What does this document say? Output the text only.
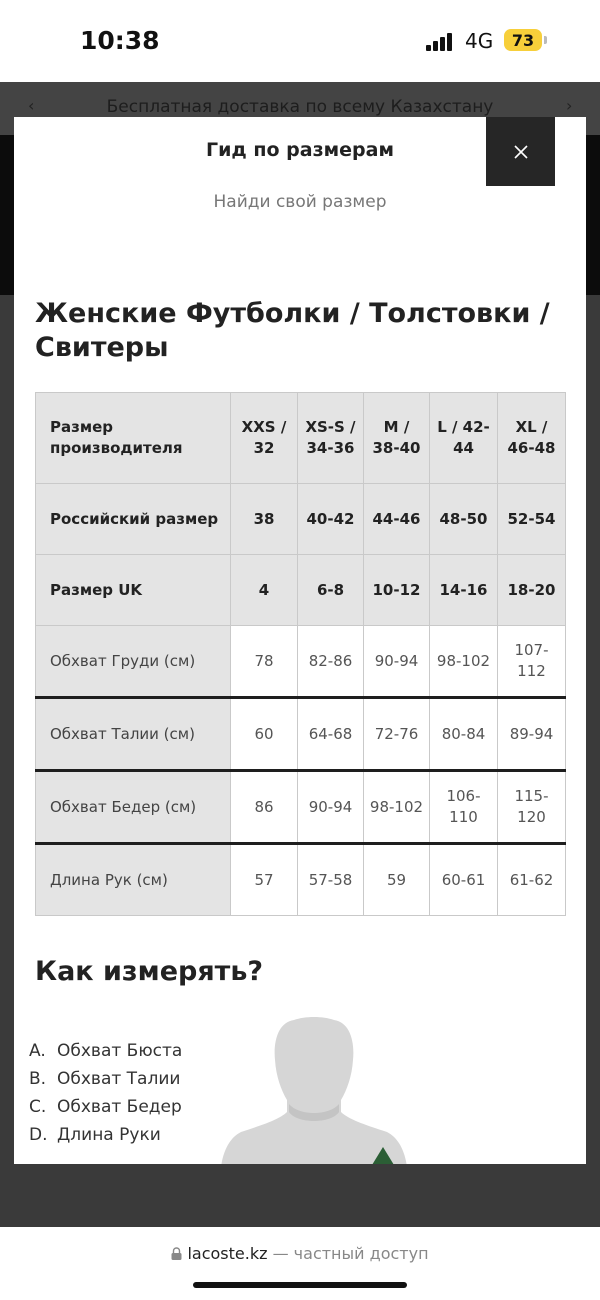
10:38	4G 73
‹	Бесплатная доставка по всему Казахстану	›
Гид по размерам
Найди свой размер
Женские Футболки / Толстовки / Свитеры
Размер производителя	XXS / 32	XS-S / 34-36	M / 38-40	L / 42-44	XL / 46-48
Российский размер	38	40-42	44-46	48-50	52-54
Размер UK	4	6-8	10-12	14-16	18-20
Обхват Груди (см)	78	82-86	90-94	98-102	107-112
Обхват Талии (см)	60	64-68	72-76	80-84	89-94
Обхват Бедер (см)	86	90-94	98-102	106-110	115-120
Длина Рук (см)	57	57-58	59	60-61	61-62
Как измерять?
A. Обхват Бюста
B. Обхват Талии
C. Обхват Бедер
D. Длина Руки
lacoste.kz — частный доступ
